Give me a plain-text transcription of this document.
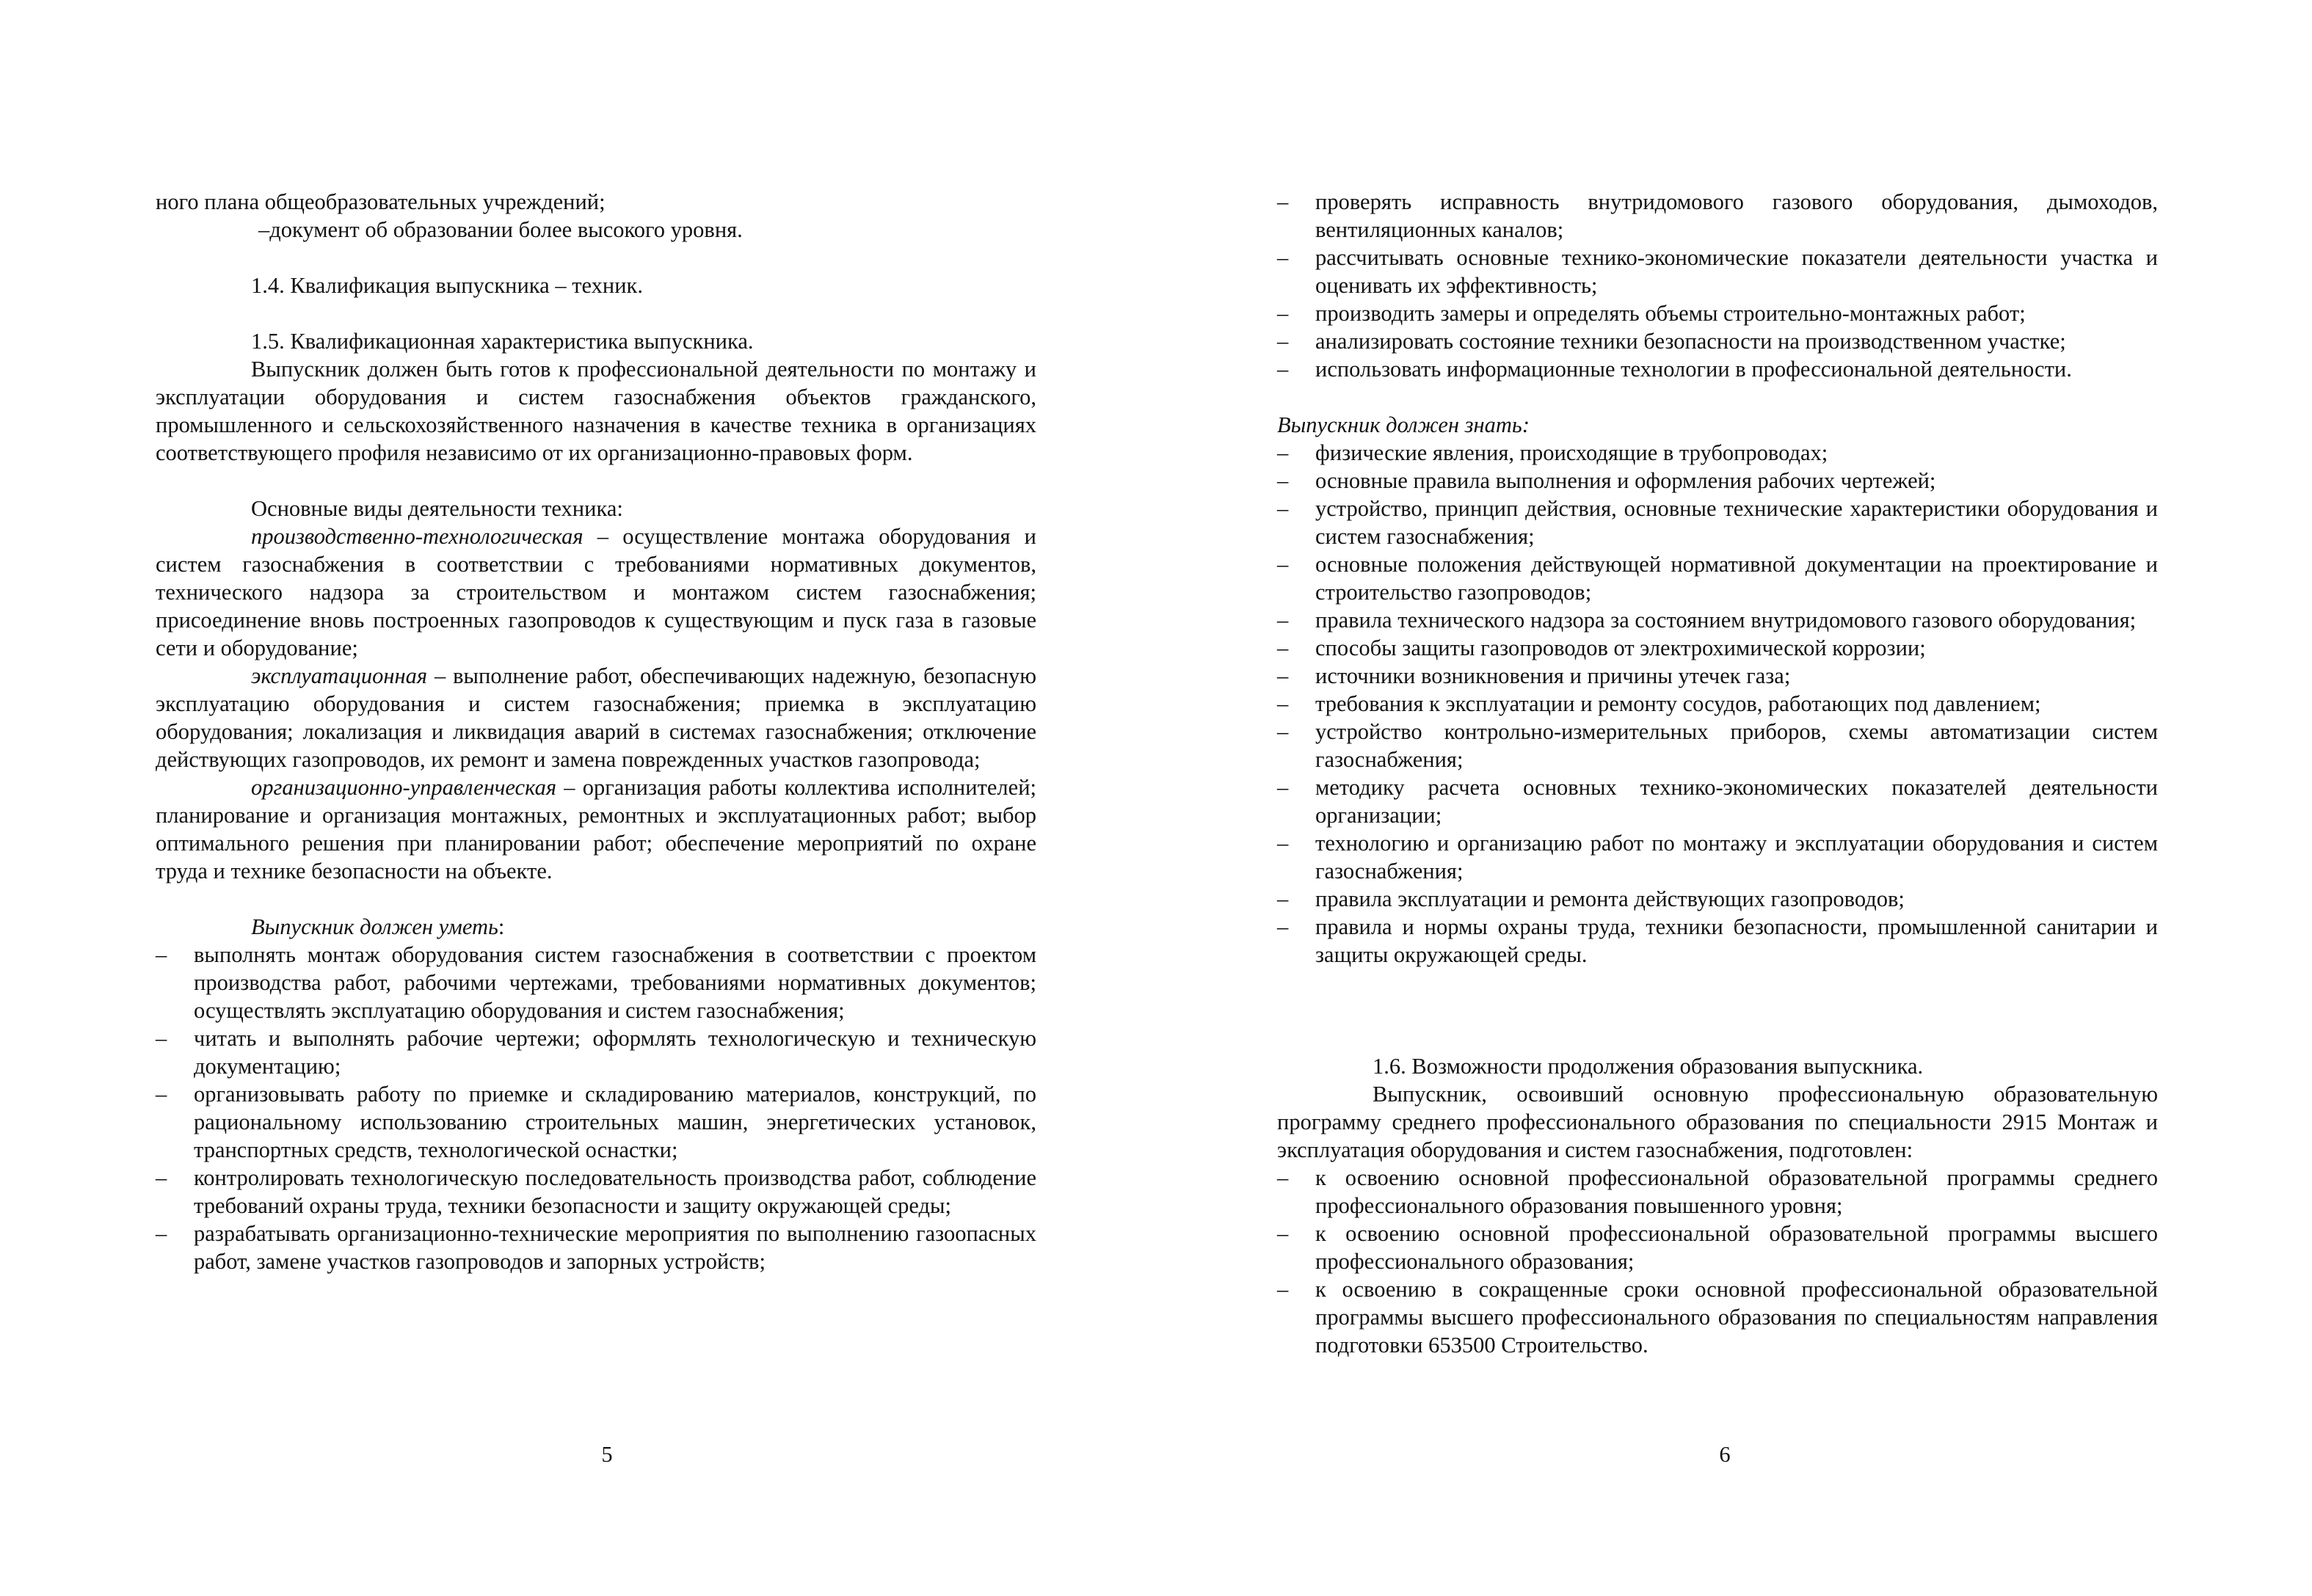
ного плана общеобразовательных учреждений;

–документ об образовании более высокого уровня.

1.4. Квалификация выпускника – техник.

1.5. Квалификационная характеристика выпускника.

Выпускник должен быть готов к профессиональной деятельности по монтажу и эксплуатации оборудования и систем газоснабжения объектов гражданского, промышленного и сельскохозяйственного назначения в качестве техника в организациях соответствующего профиля независимо от их организационно-правовых форм.

Основные виды деятельности техника:

производственно-технологическая – осуществление монтажа оборудования и систем газоснабжения в соответствии с требованиями нормативных документов, технического надзора за строительством и монтажом систем газоснабжения; присоединение вновь построенных газопроводов к существующим и пуск газа в газовые сети и оборудование;

эксплуатационная – выполнение работ, обеспечивающих надежную, безопасную эксплуатацию оборудования и систем газоснабжения; приемка в эксплуатацию оборудования; локализация и ликвидация аварий в системах газоснабжения; отключение действующих газопроводов, их ремонт и замена поврежденных участков газопровода;

организационно-управленческая – организация работы коллектива исполнителей; планирование и организация монтажных, ремонтных и эксплуатационных работ; выбор оптимального решения при планировании работ; обеспечение мероприятий по охране труда и технике безопасности на объекте.

Выпускник должен уметь:

–	выполнять монтаж оборудования систем газоснабжения в соответствии с проектом производства работ, рабочими чертежами, требованиями нормативных документов; осуществлять эксплуатацию оборудования и систем газоснабжения;
–	читать и выполнять рабочие чертежи; оформлять технологическую и техническую документацию;
–	организовывать работу по приемке и складированию материалов, конструкций, по рациональному использованию строительных машин, энергетических установок, транспортных средств, технологической оснастки;
–	контролировать технологическую последовательность производства работ, соблюдение требований охраны труда, техники безопасности и защиту окружающей среды;
–	разрабатывать организационно-технические мероприятия по выполнению газоопасных работ, замене участков газопроводов и запорных устройств;
5
–	проверять исправность внутридомового газового оборудования, дымоходов, вентиляционных каналов;
–	рассчитывать основные технико-экономические показатели деятельности участка и оценивать их эффективность;
–	производить замеры и определять объемы строительно-монтажных работ;
–	анализировать состояние техники безопасности на производственном участке;
–	использовать информационные технологии в профессиональной деятельности.

Выпускник должен знать:

–	физические явления, происходящие в трубопроводах;
–	основные правила выполнения и оформления рабочих чертежей;
–	устройство, принцип действия, основные технические характеристики оборудования и систем газоснабжения;
–	основные положения действующей нормативной документации на проектирование и строительство газопроводов;
–	правила технического надзора за состоянием внутридомового газового оборудования;
–	способы защиты газопроводов от электрохимической коррозии;
–	источники возникновения и причины утечек газа;
–	требования к эксплуатации и ремонту сосудов, работающих под давлением;
–	устройство контрольно-измерительных приборов, схемы автоматизации систем газоснабжения;
–	методику расчета основных технико-экономических показателей деятельности организации;
–	технологию и организацию работ по монтажу и эксплуатации оборудования и систем газоснабжения;
–	правила эксплуатации и ремонта действующих газопроводов;
–	правила и нормы охраны труда, техники безопасности, промышленной санитарии и защиты окружающей среды.

1.6. Возможности продолжения образования выпускника.

Выпускник, освоивший основную профессиональную образовательную программу среднего профессионального образования по специальности 2915 Монтаж и эксплуатация оборудования и систем газоснабжения, подготовлен:

–	к освоению основной профессиональной образовательной программы среднего профессионального образования повышенного уровня;
–	к освоению основной профессиональной образовательной программы высшего профессионального образования;
–	к освоению в сокращенные сроки основной профессиональной образовательной программы высшего профессионального образования по специальностям направления подготовки 653500 Строительство.
6
